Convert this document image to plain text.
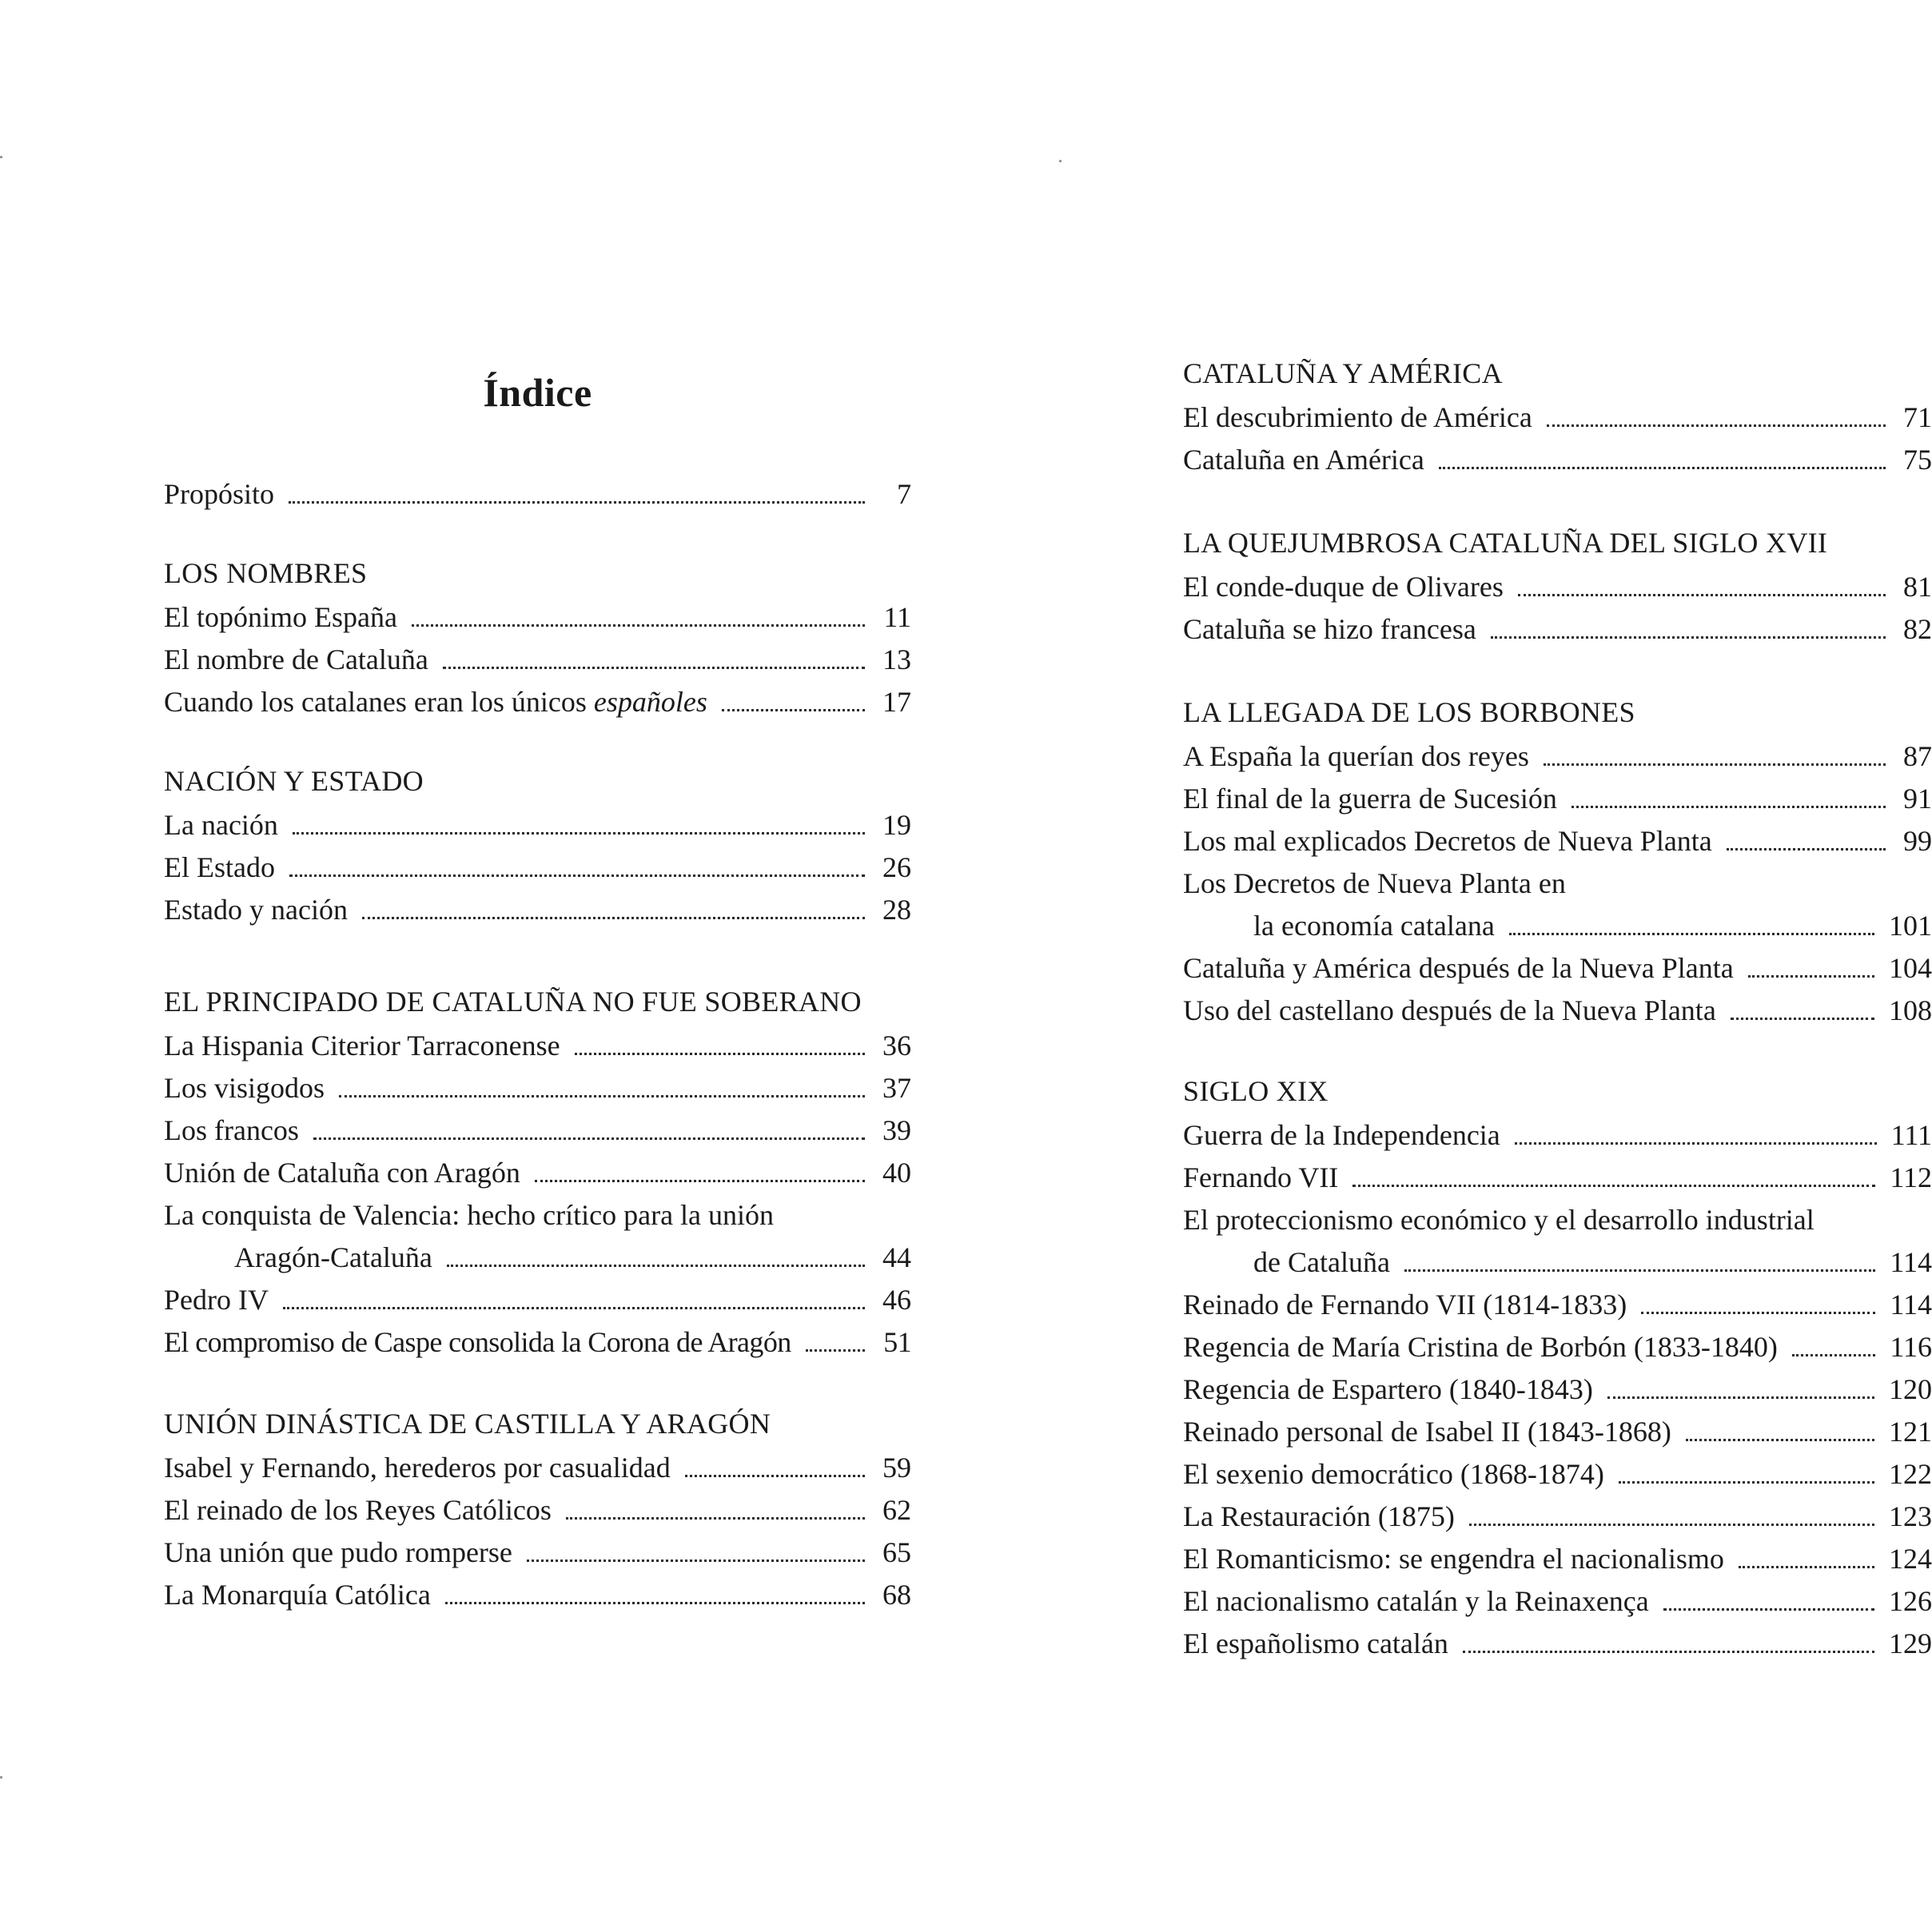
Índice
Propósito	7
LOS NOMBRES
El topónimo España	11
El nombre de Cataluña	13
Cuando los catalanes eran los únicos españoles	17
NACIÓN Y ESTADO
La nación	19
El Estado	26
Estado y nación	28
EL PRINCIPADO DE CATALUÑA NO FUE SOBERANO
La Hispania Citerior Tarraconense	36
Los visigodos	37
Los francos	39
Unión de Cataluña con Aragón	40
La conquista de Valencia: hecho crítico para la unión
Aragón-Cataluña	44
Pedro IV	46
El compromiso de Caspe consolida la Corona de Aragón	51
UNIÓN DINÁSTICA DE CASTILLA Y ARAGÓN
Isabel y Fernando, herederos por casualidad	59
El reinado de los Reyes Católicos	62
Una unión que pudo romperse	65
La Monarquía Católica	68
CATALUÑA Y AMÉRICA
El descubrimiento de América	71
Cataluña en América	75
LA QUEJUMBROSA CATALUÑA DEL SIGLO XVII
El conde-duque de Olivares	81
Cataluña se hizo francesa	82
LA LLEGADA DE LOS BORBONES
A España la querían dos reyes	87
El final de la guerra de Sucesión	91
Los mal explicados Decretos de Nueva Planta	99
Los Decretos de Nueva Planta en
la economía catalana	101
Cataluña y América después de la Nueva Planta	104
Uso del castellano después de la Nueva Planta	108
SIGLO XIX
Guerra de la Independencia	111
Fernando VII	112
El proteccionismo económico y el desarrollo industrial
de Cataluña	114
Reinado de Fernando VII (1814-1833)	114
Regencia de María Cristina de Borbón (1833-1840)	116
Regencia de Espartero (1840-1843)	120
Reinado personal de Isabel II (1843-1868)	121
El sexenio democrático (1868-1874)	122
La Restauración (1875)	123
El Romanticismo: se engendra el nacionalismo	124
El nacionalismo catalán y la Reinaxença	126
El españolismo catalán	129
